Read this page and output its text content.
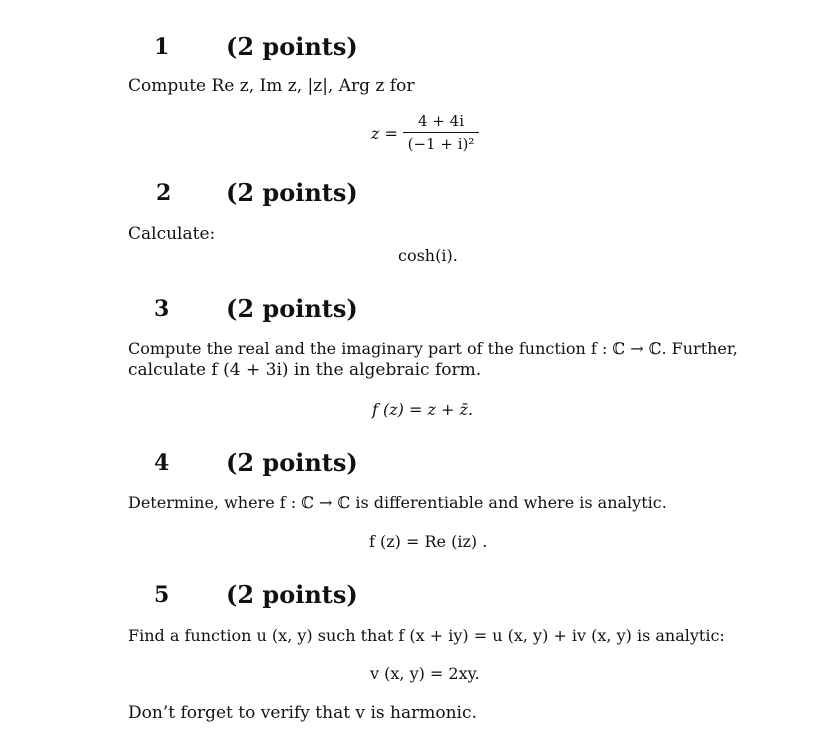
1 (2 points)
Compute Re z, Im z, |z|, Arg z for
z =
4 + 4i
(−1 + i)²
2 (2 points)
Calculate:
cosh(i).
3 (2 points)
Compute the real and the imaginary part of the function f : ℂ → ℂ. Further,
calculate f (4 + 3i) in the algebraic form.
f (z) = z + z̄.
4 (2 points)
Determine, where f : ℂ → ℂ is differentiable and where is analytic.
f (z) = Re (iz) .
5 (2 points)
Find a function u (x, y) such that f (x + iy) = u (x, y) + iv (x, y) is analytic:
v (x, y) = 2xy.
Don’t forget to verify that v is harmonic.
